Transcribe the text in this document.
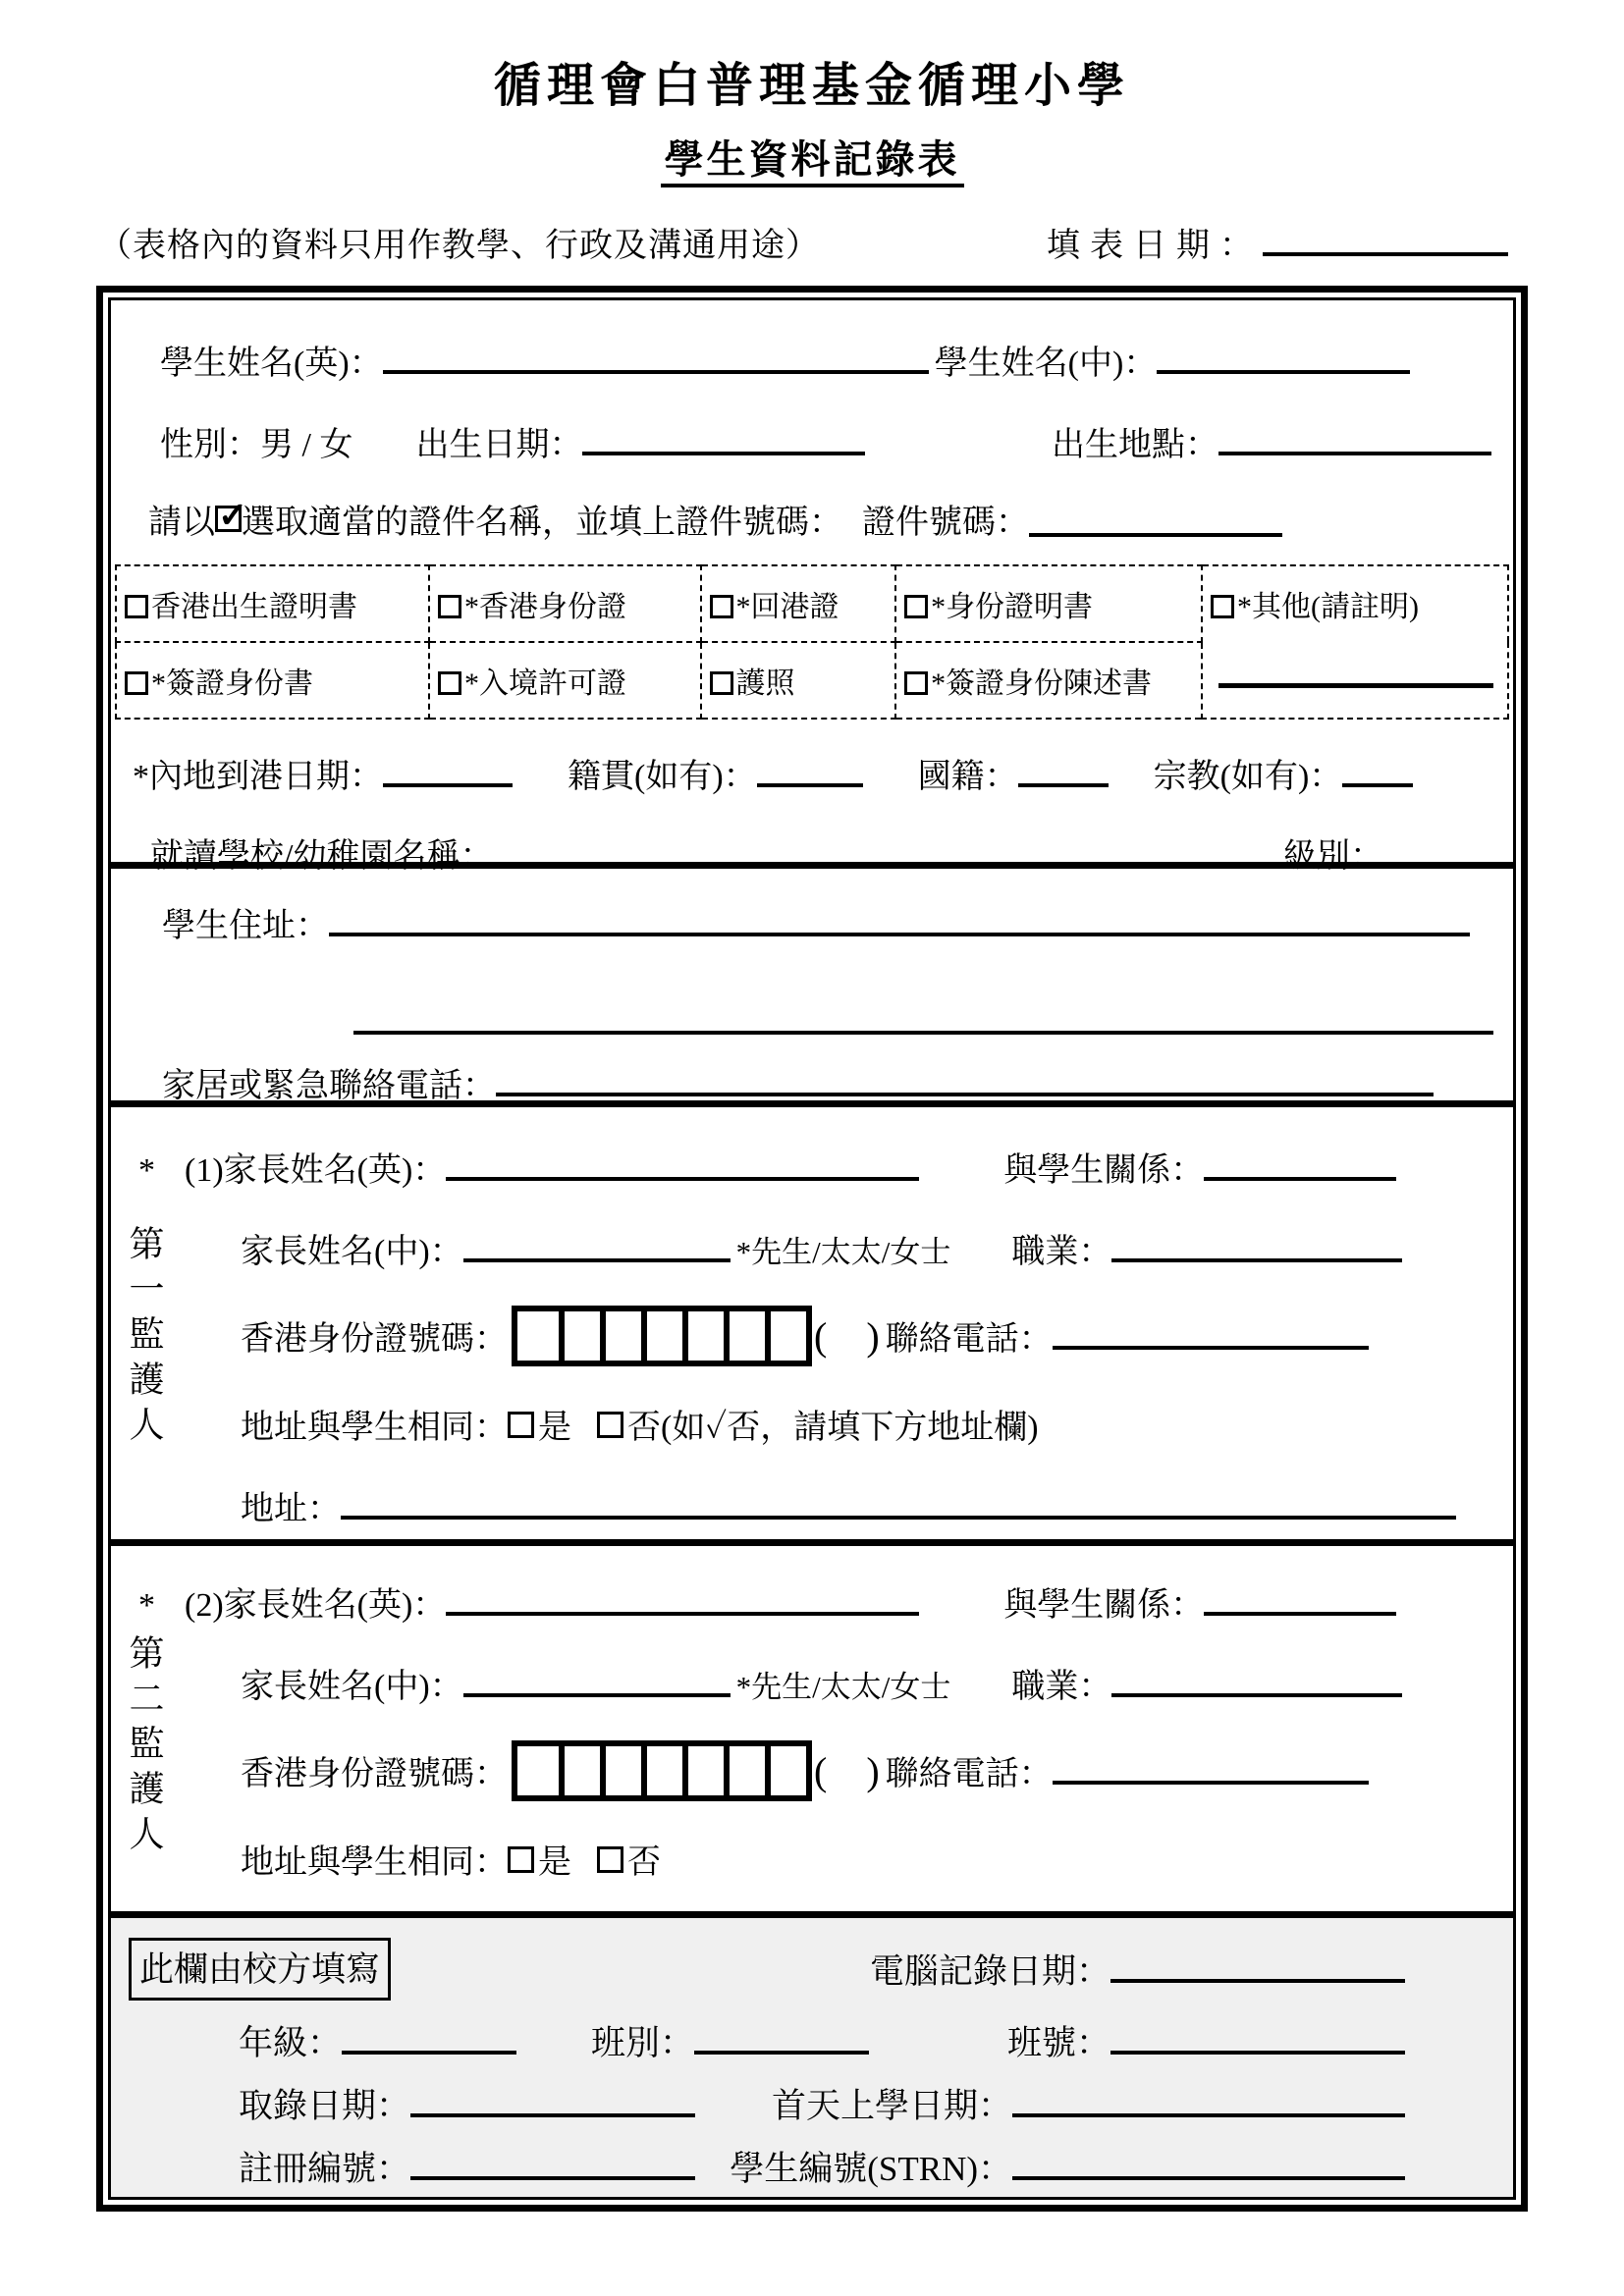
循理會白普理基金循理小學
學生資料記錄表
（表格內的資料只用作教學、行政及溝通用途）	填表日期：
學生姓名(英)：	學生姓名(中)：
性別：男 / 女 出生日期：	出生地點：
請以 ✓ 選取適當的證件名稱，並填上證件號碼： 證件號碼：
香港出生證明書	*香港身份證	*回港證	*身份證明書	*其他(請註明)

*簽證身份書	*入境許可證	護照	*簽證身份陳述書	
*內地到港日期：	籍貫(如有)：	國籍：	宗教(如有)：
就讀學校/幼稚園名稱：	級別：
學生住址：
家居或緊急聯絡電話：
第一監護人
* (1)家長姓名(英)：	與學生關係：
家長姓名(中)：	*先生/太太/女士 職業：
香港身份證號碼：	(　) 聯絡電話：
地址與學生相同： 是 否(如✓否，請填下方地址欄)
地址：
第二監護人
* (2)家長姓名(英)：	與學生關係：
家長姓名(中)：	*先生/太太/女士 職業：
香港身份證號碼：	(　) 聯絡電話：
地址與學生相同： 是 否
此欄由校方填寫	電腦記錄日期：
年級：	班別：	班號：
取錄日期：	首天上學日期：
註冊編號：	學生編號(STRN)：
